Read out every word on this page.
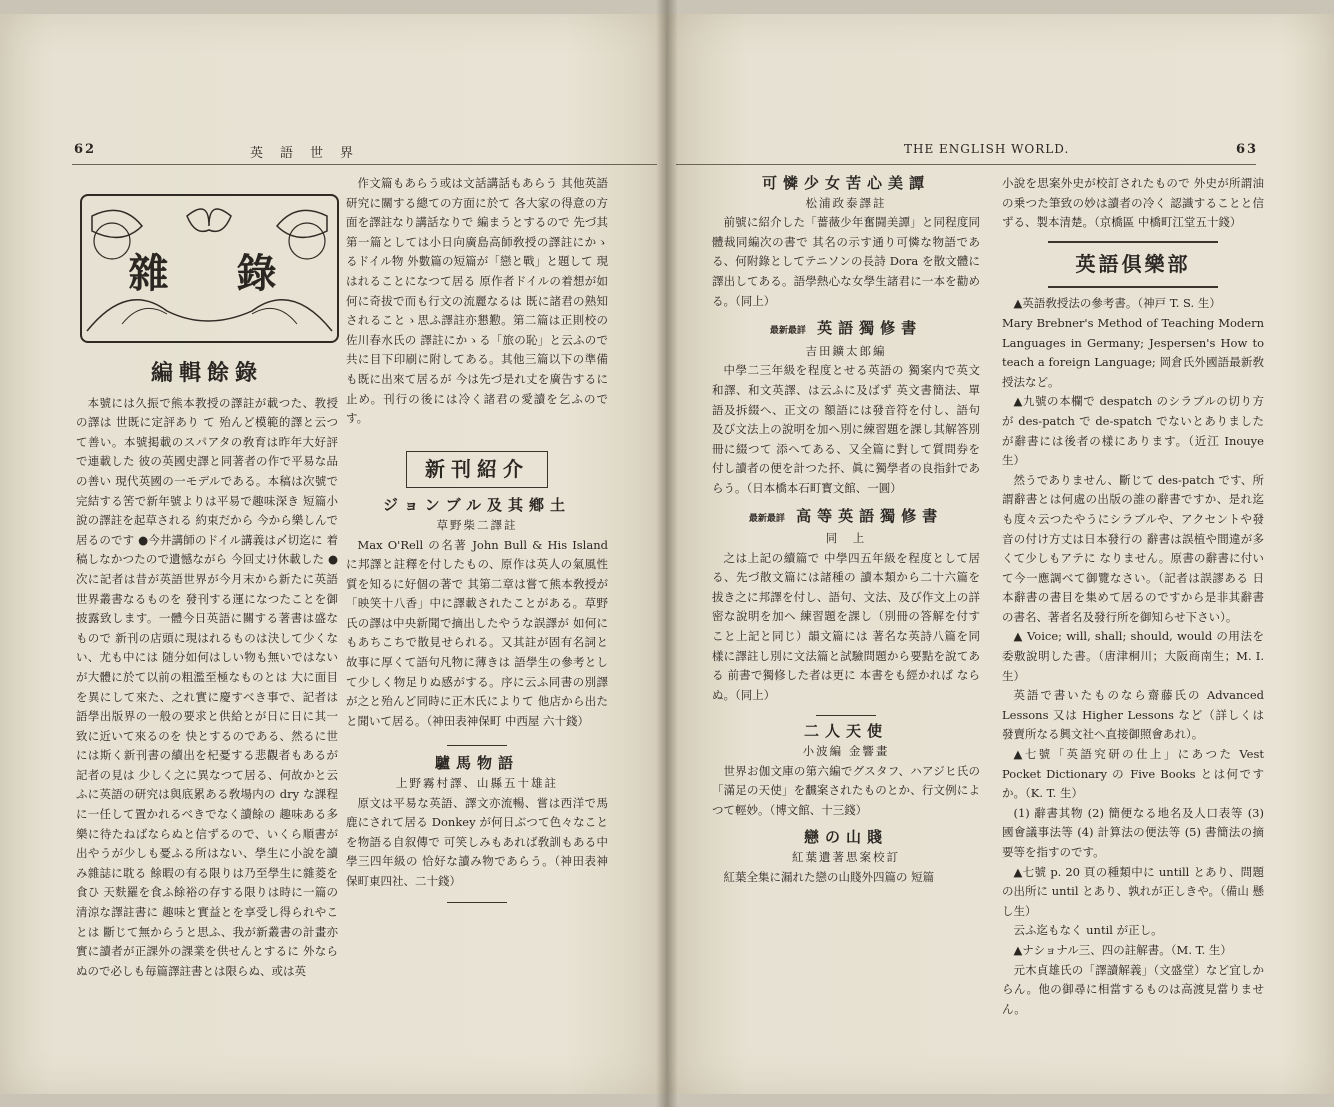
62	英　語　世　界
雜　錄
編輯餘錄

本號には久振で熊本教授の譯註が載つた、教授の譯は 世既に定評あり て 殆んど模範的譯と云つて善い。本號掲載のスパアタの敎育は昨年大好評で連載した 彼の英國史譯と同著者の作で平易な品の善い 現代英國の一モデルである。本稿は次號で完結する筈で新年號よりは平易で趣味深き 短篇小說の譯註を起草される 約束だから 今から樂しんで居るのです ●今井講師のドイル講義は〆切迄に 着稿しなかつたので遺憾ながら 今回丈け休載した ●次に記者は昔が英語世界が今月末から新たに英語世界叢書なるものを 發刊する運になつたことを御披露致します。一體今日英語に關する著書は盛なもので 新刊の店頭に現はれるものは決して少くない、尤も中には 随分如何はしい物も無いではないが大體に於て以前の粗濫至極なものとは 大に面目を異にして來た、之れ實に慶すべき事で、記者は 語學出版界の一般の要求と供給とが日に日に其一致に近いて來るのを 快とするのである、然るに世には斯く新刊書の續出を杞憂する悲觀者もあるが記者の見は 少しく之に異なつて居る、何故かと云ふに英語の研究は與底累ある敎場内の dry な課程に一任して置かれるべきでなく讀餘の 趣味ある多樂に待たねばならぬと信ずるので、いくら順書が出やうが少しも憂ふる所はない、學生に小說を讀み雜誌に耽る 餘暇の有る限りは乃至學生に雜菱を食ひ 天麩羅を食ふ餘裕の存する限りは時に一篇の清涼な譯註書に 趣味と實益とを享受し得られやことは 斷じて無からうと思ふ、我が新叢書の計畫亦實に讀者が正課外の課業を供せんとするに 外ならぬので必しも毎篇譯註書とは限らぬ、或は英

作文篇もあらう或は文話講話もあらう 其他英語研究に關する總ての方面に於て 各大家の得意の方面を譯註なり講話なりで 編まうとするので 先づ其第一篇としては小日向廣島高師敎授の譯註にかゝるドイル物 外數篇の短篇が「戀と戰」と題して 現はれることになつて居る 原作者ドイルの着想が如何に奇拔で而も行文の流麗なるは 既に諸君の熟知されることゝ思ふ譯註亦懇懃。第二篇は正則校の佐川春水氏の 譯註にかゝる「旅の恥」と云ふので共に目下印刷に附してある。其他三篇以下の準備も既に出來て居るが 今は先づ是れ丈を廣告するに止め。刊行の後には冷く諸君の愛讀を乞ふのです。

新刊紹介
ジョンブル及其鄕土
草野柴二譯註

Max O'Rell の名著 John Bull & His Island に邦譯と註釋を付したもの、原作は英人の氣風性質を知るに好個の著で 其第二章は嘗て熊本敎授が「映笑十八香」中に譯載されたことがある。草野氏の譯は中央新聞で摘出したやうな誤譯が 如何にもあちこちで散見せられる。又其註が固有名詞と故事に厚くて語句凡物に薄きは 語學生の參考として少しく物足りぬ感がする。序に云ふ同書の別譯が之と殆んど同時に正木氏によりて 他店から出たと聞いて居る。（神田表神保町 中西屋 六十錢）

驢馬物語
上野霧村譯、山縣五十雄註

原文は平易な英語、譯文亦流暢、嘗は西洋で馬鹿にされて居る Donkey が何日ぶつて色々なことを物語る自叙傳で 可笑しみもあれば敎訓もある中學三四年級の 恰好な讀み物であらう。（神田表神保町東四社、二十錢）

THE ENGLISH WORLD.	63
可憐少女苦心美譚
松浦政泰譯註

前號に紹介した「薔薇少年奮闘美譚」と同程度同體裁同編次の書で 其名の示す通り可憐な物語である、何附錄としてテニソンの長詩 Dora を散文體に譯出してある。語學熱心な女學生諸君に一本を勸める。（同上）

最新最詳 英語獨修書
吉田鑛太郎編

中學二三年級を程度とせる英語の 獨案内で英文和譯、和文英譯、は云ふに及ばず 英文書簡法、單語及拆綴へ、正文の 額語には發音符を付し、語句及び文法上の說明を加へ別に練習題を課し其解答別冊に綴つて 添へてある、又全篇に對して質問券を付し讀者の便を計つた抔、眞に獨學者の良指針であらう。（日本橋本石町寳文館、一圓）

最新最詳 高等英語獨修書
同　上

之は上記の續篇で 中學四五年級を程度として居る、先づ散文篇には諸種の 讀本類から二十六篇を拔き之に邦譯を付し、語句、文法、及び作文上の詳密な說明を加へ 練習題を課し（別冊の答解を付すこと上記と同じ）韻文篇には 著名な英詩八篇を同樣に譯註し別に文法篇と試驗問題から要點を說てある 前書で獨修した者は更に 本書をも經かれば ならぬ。（同上）

二人天使
小波編 金響畫

世界お伽文庫の第六編でグスタフ、ハアジヒ氏の「滿足の天使」を飜案されたものとか、行文例によつて輕妙。（博文館、十三錢）

戀の山賤
紅葉遺著思案校訂

紅葉全集に漏れた戀の山賤外四篇の 短篇

小說を思案外史が校訂されたもので 外史が所謂油の乗つた筆致の妙は讀者の冷く 認識することと信ずる、製本清楚。（京橋區 中橋町江堂五十錢）

英語倶樂部

▲英語敎授法の參考書。（神戸 T. S. 生）

Mary Brebner's Method of Teaching Modern Languages in Germany; Jespersen's How to teach a foreign Language; 岡倉氏外國語最新敎授法など。

▲九號の本欄で despatch のシラブルの切り方が des-patch で de-spatch でないとありましたが辭書には後者の樣にあります。（近江 Inouye 生）

然うでありません、斷じて des-patch です、所謂辭書とは何處の出版の誰の辭書ですか、是れ迄も度々云つたやうにシラブルや、アクセントや發音の付け方丈は日本發行の 辭書は誤植や間違が多くて少しもアテに なりません。原書の辭書に付いて今一應調べて御覽なさい。（記者は誤謬ある 日本辭書の書目を集めて居るのですから是非其辭書の書名、著者名及發行所を御知らせ下さい）。

▲ Voice; will, shall; should, would の用法を委敷說明した書。（唐津桐川；大阪商南生；M. I. 生）

英語で書いたものなら齋藤氏の Advanced Lessons 又は Higher Lessons など（詳しくは發賣所なる興文社へ直接御照會あれ）。

▲七號「英語究研の仕上」にあつた Vest Pocket Dictionary の Five Books とは何ですか。（K. T. 生）

(1) 辭書其物 (2) 簡便なる地名及人口表等 (3) 國會議事法等 (4) 計算法の便法等 (5) 書簡法の摘要等を指すのです。

▲七號 p. 20 頁の種類中に untill とあり、問題の出所に until とあり、孰れが正しきや。（備山 懸し生）

云ふ迄もなく until が正し。

▲ナショナル三、四の註解書。（M. T. 生）

元木貞雄氏の「譯讀解義」（文盛堂）など宜しからん。他の御尋に相當するものは高渡見當りません。
